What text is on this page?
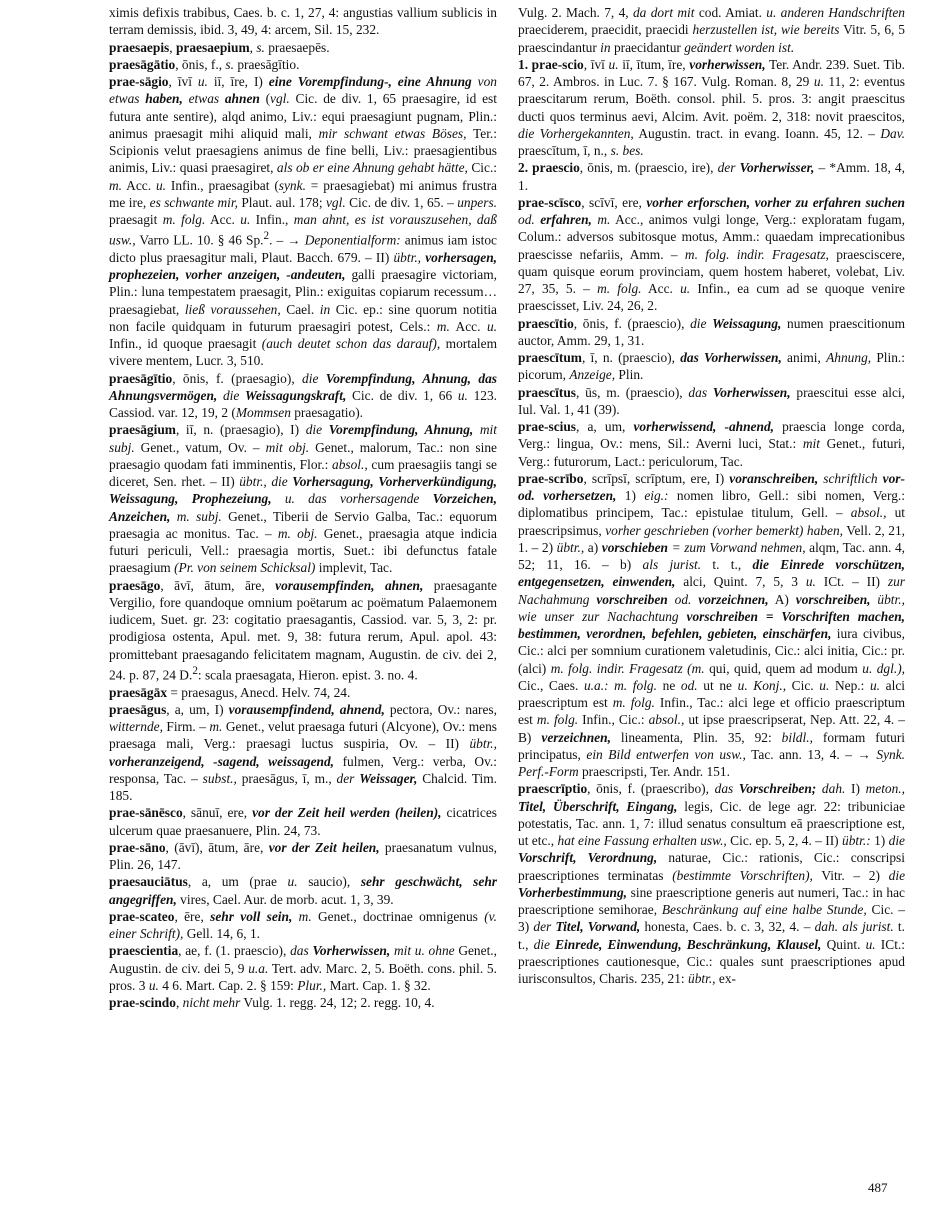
ximis defixis trabibus, Caes. b. c. 1, 27, 4: angustias vallium sublicis in terram demissis, ibid. 3, 49, 4: arcem, Sil. 15, 232.

praesaepis, praesaepium, s. praesaepēs.

praesāgātio, ōnis, f., s. praesāgītio.

prae-sāgio, īvī u. iī, īre, I) eine Vorempfindung-, eine Ahnung von etwas haben, etwas ahnen (vgl. Cic. de div. 1, 65 praesagire, id est futura ante sentire), alqd animo, Liv.: equi praesagiunt pugnam, Plin.: animus praesagit mihi aliquid mali, mir schwant etwas Böses, Ter.: Scipionis velut praesagiens animus de fine belli, Liv.: praesagientibus animis, Liv.: quasi praesagiret, als ob er eine Ahnung gehabt hätte, Cic.: m. Acc. u. Infin., praesagibat (synk. = praesagiebat) mi animus frustra me ire, es schwante mir, Plaut. aul. 178; vgl. Cic. de div. 1, 65. – unpers. praesagit m. folg. Acc. u. Infin., man ahnt, es ist vorauszusehen, daß usw., Varro LL. 10. § 46 Sp.$^2$. – → Deponentialform: animus iam istoc dicto plus praesagitur mali, Plaut. Bacch. 679. – II) übtr., vorhersagen, prophezeien, vorher anzeigen, -andeuten, galli praesagire victoriam, Plin.: luna tempestatem praesagit, Plin.: exiguitas copiarum recessum… praesagiebat, ließ voraussehen, Cael. in Cic. ep.: sine quorum notitia non facile quidquam in futurum praesagiri potest, Cels.: m. Acc. u. Infin., id quoque praesagit (auch deutet schon das darauf), mortalem vivere mentem, Lucr. 3, 510.

praesāgītio, ōnis, f. (praesagio), die Vorempfindung, Ahnung, das Ahnungsvermögen, die Weissagungskraft, Cic. de div. 1, 66 u. 123. Cassiod. var. 12, 19, 2 (Mommsen praesagatio).

praesāgium, iī, n. (praesagio), I) die Vorempfindung, Ahnung, mit subj. Genet., vatum, Ov. – mit obj. Genet., malorum, Tac.: non sine praesagio quodam fati imminentis, Flor.: absol., cum praesagiis tangi se diceret, Sen. rhet. – II) übtr., die Vorhersagung, Vorherverkündigung, Weissagung, Prophezeiung, u. das vorhersagende Vorzeichen, Anzeichen, m. subj. Genet., Tiberii de Servio Galba, Tac.: equorum praesagia ac monitus. Tac. – m. obj. Genet., praesagia atque indicia futuri periculi, Vell.: praesagia mortis, Suet.: ibi defunctus fatale praesagium (Pr. von seinem Schicksal) implevit, Tac.

praesāgo, āvī, ātum, āre, vorausempfinden, ahnen, praesagante Vergilio, fore quandoque omnium poëtarum ac poëmatum Palaemonem iudicem, Suet. gr. 23: cogitatio praesagantis, Cassiod. var. 5, 3, 2: pr. prodigiosa ostenta, Apul. met. 9, 38: futura rerum, Apul. apol. 43: promittebant praesagando felicitatem magnam, Augustin. de civ. dei 2, 24. p. 87, 24 D.$^2$: scala praesagata, Hieron. epist. 3. no. 4.

praesāgāx = praesagus, Anecd. Helv. 74, 24.

praesāgus, a, um, I) vorausempfindend, ahnend, pectora, Ov.: nares, witternde, Firm. – m. Genet., velut praesaga futuri (Alcyone), Ov.: mens praesaga mali, Verg.: praesagi luctus suspiria, Ov. – II) übtr., vorheranzeigend, -sagend, weissagend, fulmen, Verg.: verba, Ov.: responsa, Tac. – subst., praesāgus, ī, m., der Weissager, Chalcid. Tim. 185.

prae-sānēsco, sānuī, ere, vor der Zeit heil werden (heilen), cicatrices ulcerum quae praesanuere, Plin. 24, 73.

prae-sāno, (āvī), ātum, āre, vor der Zeit heilen, praesanatum vulnus, Plin. 26, 147.

praesauciātus, a, um (prae u. saucio), sehr geschwächt, sehr angegriffen, vires, Cael. Aur. de morb. acut. 1, 3, 39.

prae-scateo, ēre, sehr voll sein, m. Genet., doctrinae omnigenus (v. einer Schrift), Gell. 14, 6, 1.

praescientia, ae, f. (1. praescio), das Vorherwissen, mit u. ohne Genet., Augustin. de civ. dei 5, 9 u.a. Tert. adv. Marc. 2, 5. Boëth. cons. phil. 5. pros. 3 u. 4 6. Mart. Cap. 2. § 159: Plur., Mart. Cap. 1. § 32.

prae-scindo, nicht mehr Vulg. 1. regg. 24, 12; 2. regg. 10, 4.

Vulg. 2. Mach. 7, 4, da dort mit cod. Amiat. u. anderen Handschriften praeciderem, praecidit, praecidi herzustellen ist, wie bereits Vitr. 5, 6, 5 praescindantur in praecidantur geändert worden ist.

1. prae-scio, īvī u. iī, ītum, īre, vorherwissen, Ter. Andr. 239. Suet. Tib. 67, 2. Ambros. in Luc. 7. § 167. Vulg. Roman. 8, 29 u. 11, 2: eventus praescitarum rerum, Boëth. consol. phil. 5. pros. 3: angit praescitus ducti quos terminus aevi, Alcim. Avit. poëm. 2, 318: novit praescitos, die Vorhergekannten, Augustin. tract. in evang. Ioann. 45, 12. – Dav. praescītum, ī, n., s. bes.

2. praescio, ōnis, m. (praescio, ire), der Vorherwisser, – *Amm. 18, 4, 1.

prae-scīsco, scīvī, ere, vorher erforschen, vorher zu erfahren suchen od. erfahren, m. Acc., animos vulgi longe, Verg.: exploratam fugam, Colum.: adversos subitosque motus, Amm.: quaedam imprecationibus praescisse nefariis, Amm. – m. folg. indir. Fragesatz, praesciscere, quam quisque eorum provinciam, quem hostem haberet, volebat, Liv. 27, 35, 5. – m. folg. Acc. u. Infin., ea cum ad se quoque venire praescisset, Liv. 24, 26, 2.

praescītio, ōnis, f. (praescio), die Weissagung, numen praescitionum auctor, Amm. 29, 1, 31.

praescītum, ī, n. (praescio), das Vorherwissen, animi, Ahnung, Plin.: picorum, Anzeige, Plin.

praescītus, ūs, m. (praescio), das Vorherwissen, praescitui esse alci, Iul. Val. 1, 41 (39).

prae-scius, a, um, vorherwissend, -ahnend, praescia longe corda, Verg.: lingua, Ov.: mens, Sil.: Averni luci, Stat.: mit Genet., futuri, Verg.: futurorum, Lact.: periculorum, Tac.

prae-scrībo, scrīpsī, scrīptum, ere, I) voranschreiben, schriftlich vor- od. vorhersetzen, 1) eig.: nomen libro, Gell.: sibi nomen, Verg.: diplomatibus principem, Tac.: epistulae titulum, Gell. – absol., ut praescripsimus, vorher geschrieben (vorher bemerkt) haben, Vell. 2, 21, 1. – 2) übtr., a) vorschieben = zum Vorwand nehmen, alqm, Tac. ann. 4, 52; 11, 16. – b) als jurist. t. t., die Einrede vorschützen, entgegensetzen, einwenden, alci, Quint. 7, 5, 3 u. ICt. – II) zur Nachahmung vorschreiben od. vorzeichnen, A) vorschreiben, übtr., wie unser zur Nachachtung vorschreiben = Vorschriften machen, bestimmen, verordnen, befehlen, gebieten, einschärfen, iura civibus, Cic.: alci per somnium curationem valetudinis, Cic.: alci initia, Cic.: pr. (alci) m. folg. indir. Fragesatz (m. qui, quid, quem ad modum u. dgl.), Cic., Caes. u.a.: m. folg. ne od. ut ne u. Konj., Cic. u. Nep.: u. alci praescriptum est m. folg. Infin., Tac.: alci lege et officio praescriptum est m. folg. Infin., Cic.: absol., ut ipse praescripserat, Nep. Att. 22, 4. – B) verzeichnen, lineamenta, Plin. 35, 92: bildl., formam futuri principatus, ein Bild entwerfen von usw., Tac. ann. 13, 4. – → Synk. Perf.-Form praescripsti, Ter. Andr. 151.

praescrīptio, ōnis, f. (praescribo), das Vorschreiben; dah. I) meton., Titel, Überschrift, Eingang, legis, Cic. de lege agr. 22: tribuniciae potestatis, Tac. ann. 1, 7: illud senatus consultum eā praescriptione est, ut etc., hat eine Fassung erhalten usw., Cic. ep. 5, 2, 4. – II) übtr.: 1) die Vorschrift, Verordnung, naturae, Cic.: rationis, Cic.: conscripsi praescriptiones terminatas (bestimmte Vorschriften), Vitr. – 2) die Vorherbestimmung, sine praescriptione generis aut numeri, Tac.: in hac praescriptione semihorae, Beschränkung auf eine halbe Stunde, Cic. – 3) der Titel, Vorwand, honesta, Caes. b. c. 3, 32, 4. – dah. als jurist. t. t., die Einrede, Einwendung, Beschränkung, Klausel, Quint. u. ICt.: praescriptiones cautionesque, Cic.: quales sunt praescriptiones apud iurisconsultos, Charis. 235, 21: übtr., ex-

487
